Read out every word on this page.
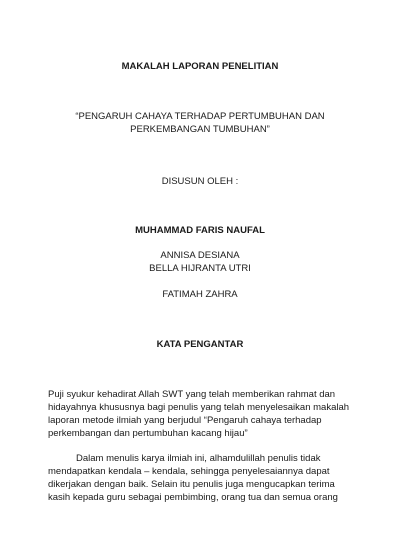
MAKALAH LAPORAN PENELITIAN
“PENGARUH CAHAYA TERHADAP PERTUMBUHAN DAN
PERKEMBANGAN TUMBUHAN”
DISUSUN OLEH :
MUHAMMAD FARIS NAUFAL
ANNISA DESIANA
BELLA HIJRANTA UTRI
FATIMAH ZAHRA
KATA PENGANTAR
Puji syukur kehadirat Allah SWT yang telah memberikan rahmat dan
hidayahnya khususnya bagi penulis yang telah menyelesaikan makalah
laporan metode ilmiah yang berjudul “Pengaruh cahaya terhadap
perkembangan dan pertumbuhan kacang hijau”
Dalam menulis karya ilmiah ini, alhamdulillah penulis tidak
mendapatkan kendala – kendala, sehingga penyelesaiannya dapat
dikerjakan dengan baik. Selain itu penulis juga mengucapkan terima
kasih kepada guru sebagai pembimbing, orang tua dan semua orang
